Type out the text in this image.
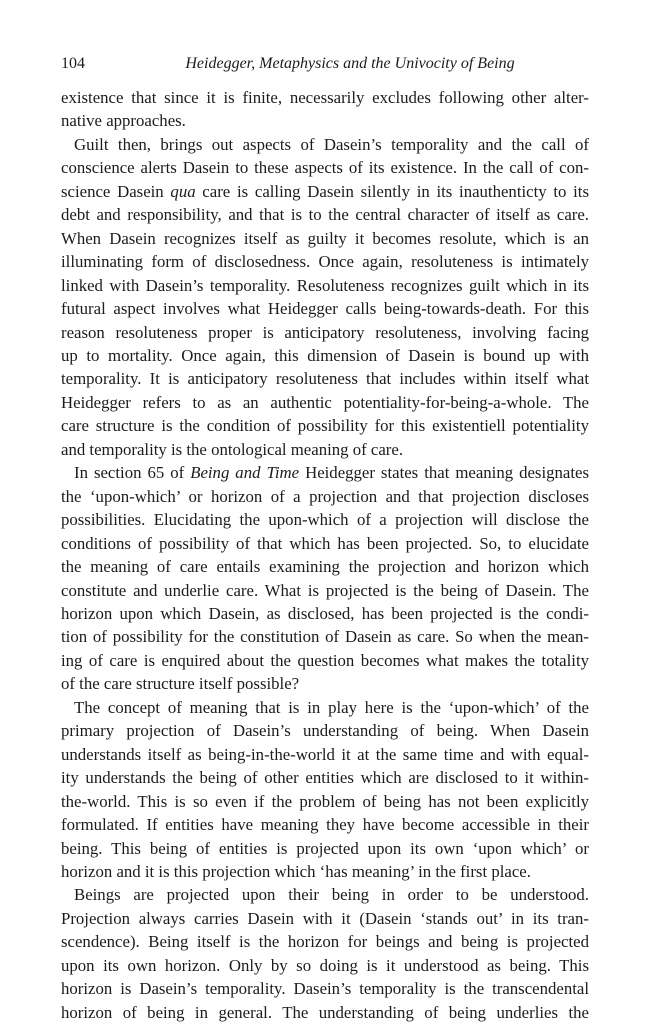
104	Heidegger, Metaphysics and the Univocity of Being
existence that since it is finite, necessarily excludes following other alter-
native approaches.
Guilt then, brings out aspects of Dasein’s temporality and the call of
conscience alerts Dasein to these aspects of its existence. In the call of con-
science Dasein qua care is calling Dasein silently in its inauthenticty to its
debt and responsibility, and that is to the central character of itself as care.
When Dasein recognizes itself as guilty it becomes resolute, which is an
illuminating form of disclosedness. Once again, resoluteness is intimately
linked with Dasein’s temporality. Resoluteness recognizes guilt which in its
futural aspect involves what Heidegger calls being-towards-death. For this
reason resoluteness proper is anticipatory resoluteness, involving facing
up to mortality. Once again, this dimension of Dasein is bound up with
temporality. It is anticipatory resoluteness that includes within itself what
Heidegger refers to as an authentic potentiality-for-being-a-whole. The
care structure is the condition of possibility for this existentiell potentiality
and temporality is the ontological meaning of care.
In section 65 of Being and Time Heidegger states that meaning designates
the ‘upon-which’ or horizon of a projection and that projection discloses
possibilities. Elucidating the upon-which of a projection will disclose the
conditions of possibility of that which has been projected. So, to elucidate
the meaning of care entails examining the projection and horizon which
constitute and underlie care. What is projected is the being of Dasein. The
horizon upon which Dasein, as disclosed, has been projected is the condi-
tion of possibility for the constitution of Dasein as care. So when the mean-
ing of care is enquired about the question becomes what makes the totality
of the care structure itself possible?
The concept of meaning that is in play here is the ‘upon-which’ of the
primary projection of Dasein’s understanding of being. When Dasein
understands itself as being-in-the-world it at the same time and with equal-
ity understands the being of other entities which are disclosed to it within-
the-world. This is so even if the problem of being has not been explicitly
formulated. If entities have meaning they have become accessible in their
being. This being of entities is projected upon its own ‘upon which’ or
horizon and it is this projection which ‘has meaning’ in the first place.
Beings are projected upon their being in order to be understood.
Projection always carries Dasein with it (Dasein ‘stands out’ in its tran-
scendence). Being itself is the horizon for beings and being is projected
upon its own horizon. Only by so doing is it understood as being. This
horizon is Dasein’s temporality. Dasein’s temporality is the transcendental
horizon of being in general. The understanding of being underlies the
